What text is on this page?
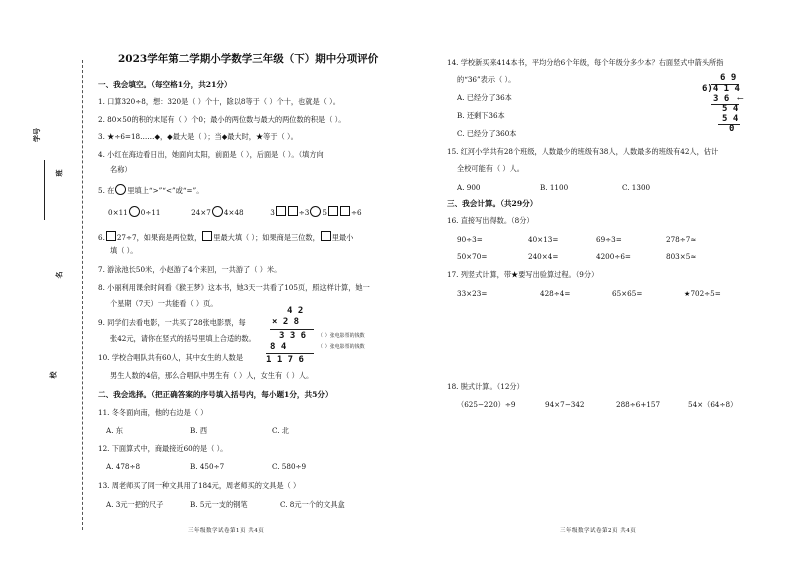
学号
班
名
校
2023学年第二学期小学数学三年级（下）期中分项评价
一、我会填空。（每空格1分，共21分）
1. 口算320÷8，想：320是（ ）个十，除以8等于（ ）个十，也就是（ ）。
2. 80×50的积的末尾有（ ）个0；最小的两位数与最大的两位数的积是（ ）。
3. ★÷6=18……◆，◆最大是（ ）；当◆最大时，★等于（ ）。
4. 小红在海边看日出，她面向太阳，前面是（ ），后面是（ ）。（填方向
名称）
5. 在 里填上“>”“<”或“=”。
0×11 0÷11	24×7 4×48	3	÷3 5	÷6
6. 27÷7，如果商是两位数， 里最大填（ ）；如果商是三位数， 里最小
填（ ）。
7. 游泳池长50米，小赵游了4个来回，一共游了（ ）米。
8. 小丽利用课余时间看《猴王梦》这本书，她3天一共看了105页，照这样计算，她一
个星期（7天）一共能看（ ）页。
9. 同学们去看电影，一共买了28张电影票，每
张42元，请你在竖式的括号里填上合适的数。
4 2
× 2 8
3 3 6
8 4
1 1 7 6
（ ）张电影票的钱数
（ ）张电影票的钱数
10. 学校合唱队共有60人，其中女生的人数是
男生人数的4倍，那么合唱队中男生有（ ）人，女生有（ ）人。
二、我会选择。（把正确答案的序号填入括号内，每小题1分，共5分）
11. 冬冬面向南，他的右边是（ ）
A. 东	B. 西	C. 北
12. 下面算式中，商最接近60的是（ ）。
A. 478÷8	B. 450÷7	C. 580÷9
13. 周老师买了同一种文具用了184元，周老师买的文具是（ ）
A. 3元一把的尺子	B. 5元一支的钢笔	C. 8元一个的文具盒
三年级数学试卷第1页 共4页
14. 学校新买来414本书，平均分给6个年级，每个年级分多少本？右面竖式中箭头所指
的“36”表示（ ）。
A. 已经分了36本
B. 还剩下36本
C. 已经分了360本
6 9
6)4 1 4
3 6 ←
5 4
5 4
0
15. 红河小学共有28个班级，人数最少的班级有38人，人数最多的班级有42人，估计
全校可能有（ ）人。
A. 900	B. 1100	C. 1300
三、我会计算。（共29分）
16. 直接写出得数。（8分）
90÷3=	40×13=	69÷3=	278÷7≈
50×70=	240×4=	4200÷6=	803×5≈
17. 列竖式计算，带★要写出验算过程。（9分）
33×23=	428÷4=	65×65=	★702÷5=
18. 脱式计算。（12分）
（625−220）÷9	94×7−342	288÷6+157	54×（64÷8）
三年级数学试卷第2页 共4页
